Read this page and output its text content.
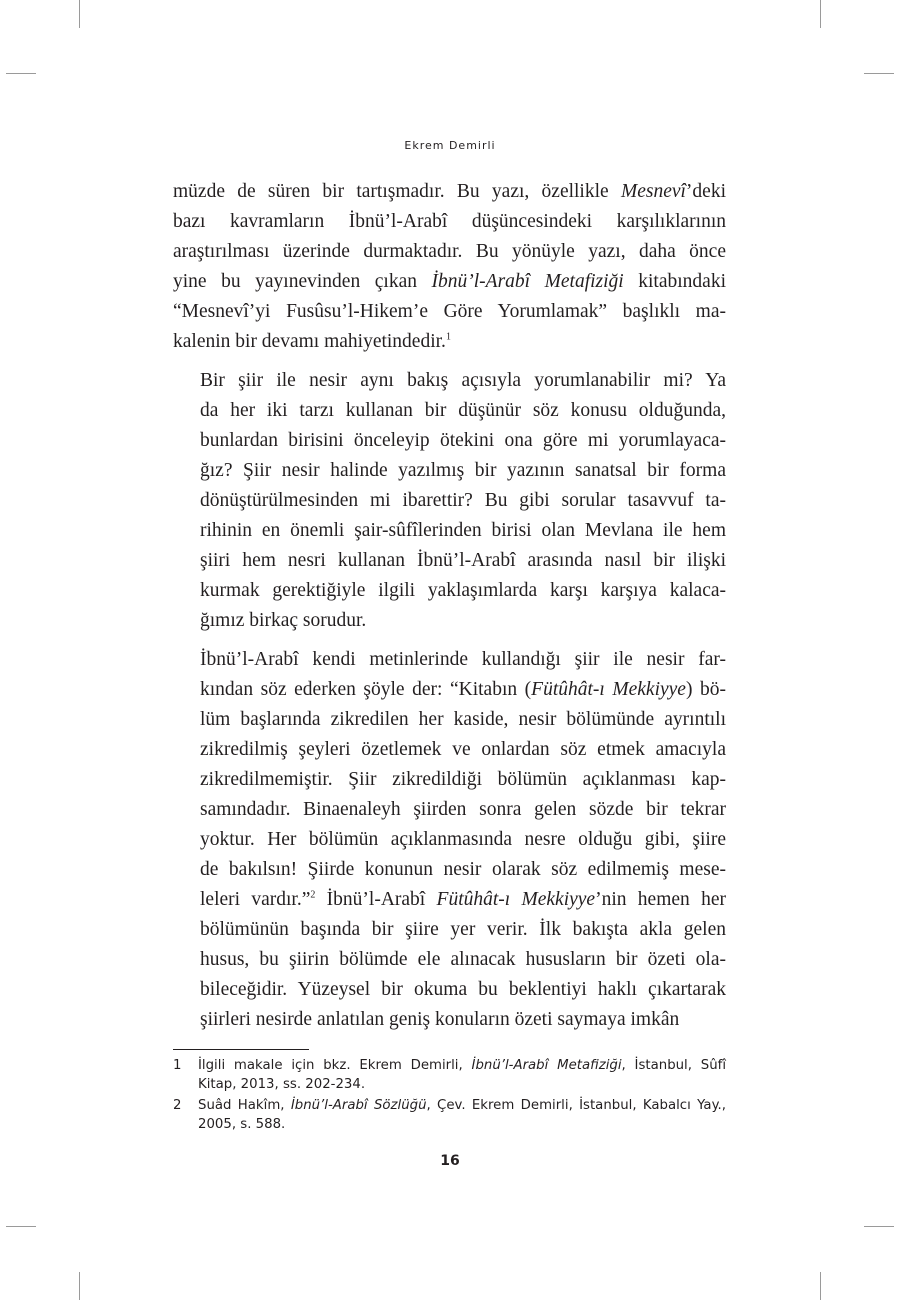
Ekrem Demirli

müzde de süren bir tartışmadır. Bu yazı, özellikle Mesnevî’deki
bazı kavramların İbnü’l-Arabî düşüncesindeki karşılıklarının
araştırılması üzerinde durmaktadır. Bu yönüyle yazı, daha önce
yine bu yayınevinden çıkan İbnü’l-Arabî Metafiziği kitabındaki
“Mesnevî’yi Fusûsu’l-Hikem’e Göre Yorumlamak” başlıklı ma-
kalenin bir devamı mahiyetindedir.$^1$

Bir şiir ile nesir aynı bakış açısıyla yorumlanabilir mi? Ya
da her iki tarzı kullanan bir düşünür söz konusu olduğunda,
bunlardan birisini önceleyip ötekini ona göre mi yorumlayaca-
ğız? Şiir nesir halinde yazılmış bir yazının sanatsal bir forma
dönüştürülmesinden mi ibarettir? Bu gibi sorular tasavvuf ta-
rihinin en önemli şair-sûfîlerinden birisi olan Mevlana ile hem
şiiri hem nesri kullanan İbnü’l-Arabî arasında nasıl bir ilişki
kurmak gerektiğiyle ilgili yaklaşımlarda karşı karşıya kalaca-
ğımız birkaç sorudur.

İbnü’l-Arabî kendi metinlerinde kullandığı şiir ile nesir far-
kından söz ederken şöyle der: “Kitabın (Fütûhât-ı Mekkiyye) bö-
lüm başlarında zikredilen her kaside, nesir bölümünde ayrıntılı
zikredilmiş şeyleri özetlemek ve onlardan söz etmek amacıyla
zikredilmemiştir. Şiir zikredildiği bölümün açıklanması kap-
samındadır. Binaenaleyh şiirden sonra gelen sözde bir tekrar
yoktur. Her bölümün açıklanmasında nesre olduğu gibi, şiire
de bakılsın! Şiirde konunun nesir olarak söz edilmemiş mese-
leleri vardır.”$^2$ İbnü’l-Arabî Fütûhât-ı Mekkiyye’nin hemen her
bölümünün başında bir şiire yer verir. İlk bakışta akla gelen
husus, bu şiirin bölümde ele alınacak hususların bir özeti ola-
bileceğidir. Yüzeysel bir okuma bu beklentiyi haklı çıkartarak
şiirleri nesirde anlatılan geniş konuların özeti saymaya imkân

1	İlgili makale için bkz. Ekrem Demirli, İbnü’l-Arabî Metafiziği, İstanbul, Sûfî Kitap, 2013, ss. 202-234.
2	Suâd Hakîm, İbnü’l-Arabî Sözlüğü, Çev. Ekrem Demirli, İstanbul, Kabalcı Yay., 2005, s. 588.

16
